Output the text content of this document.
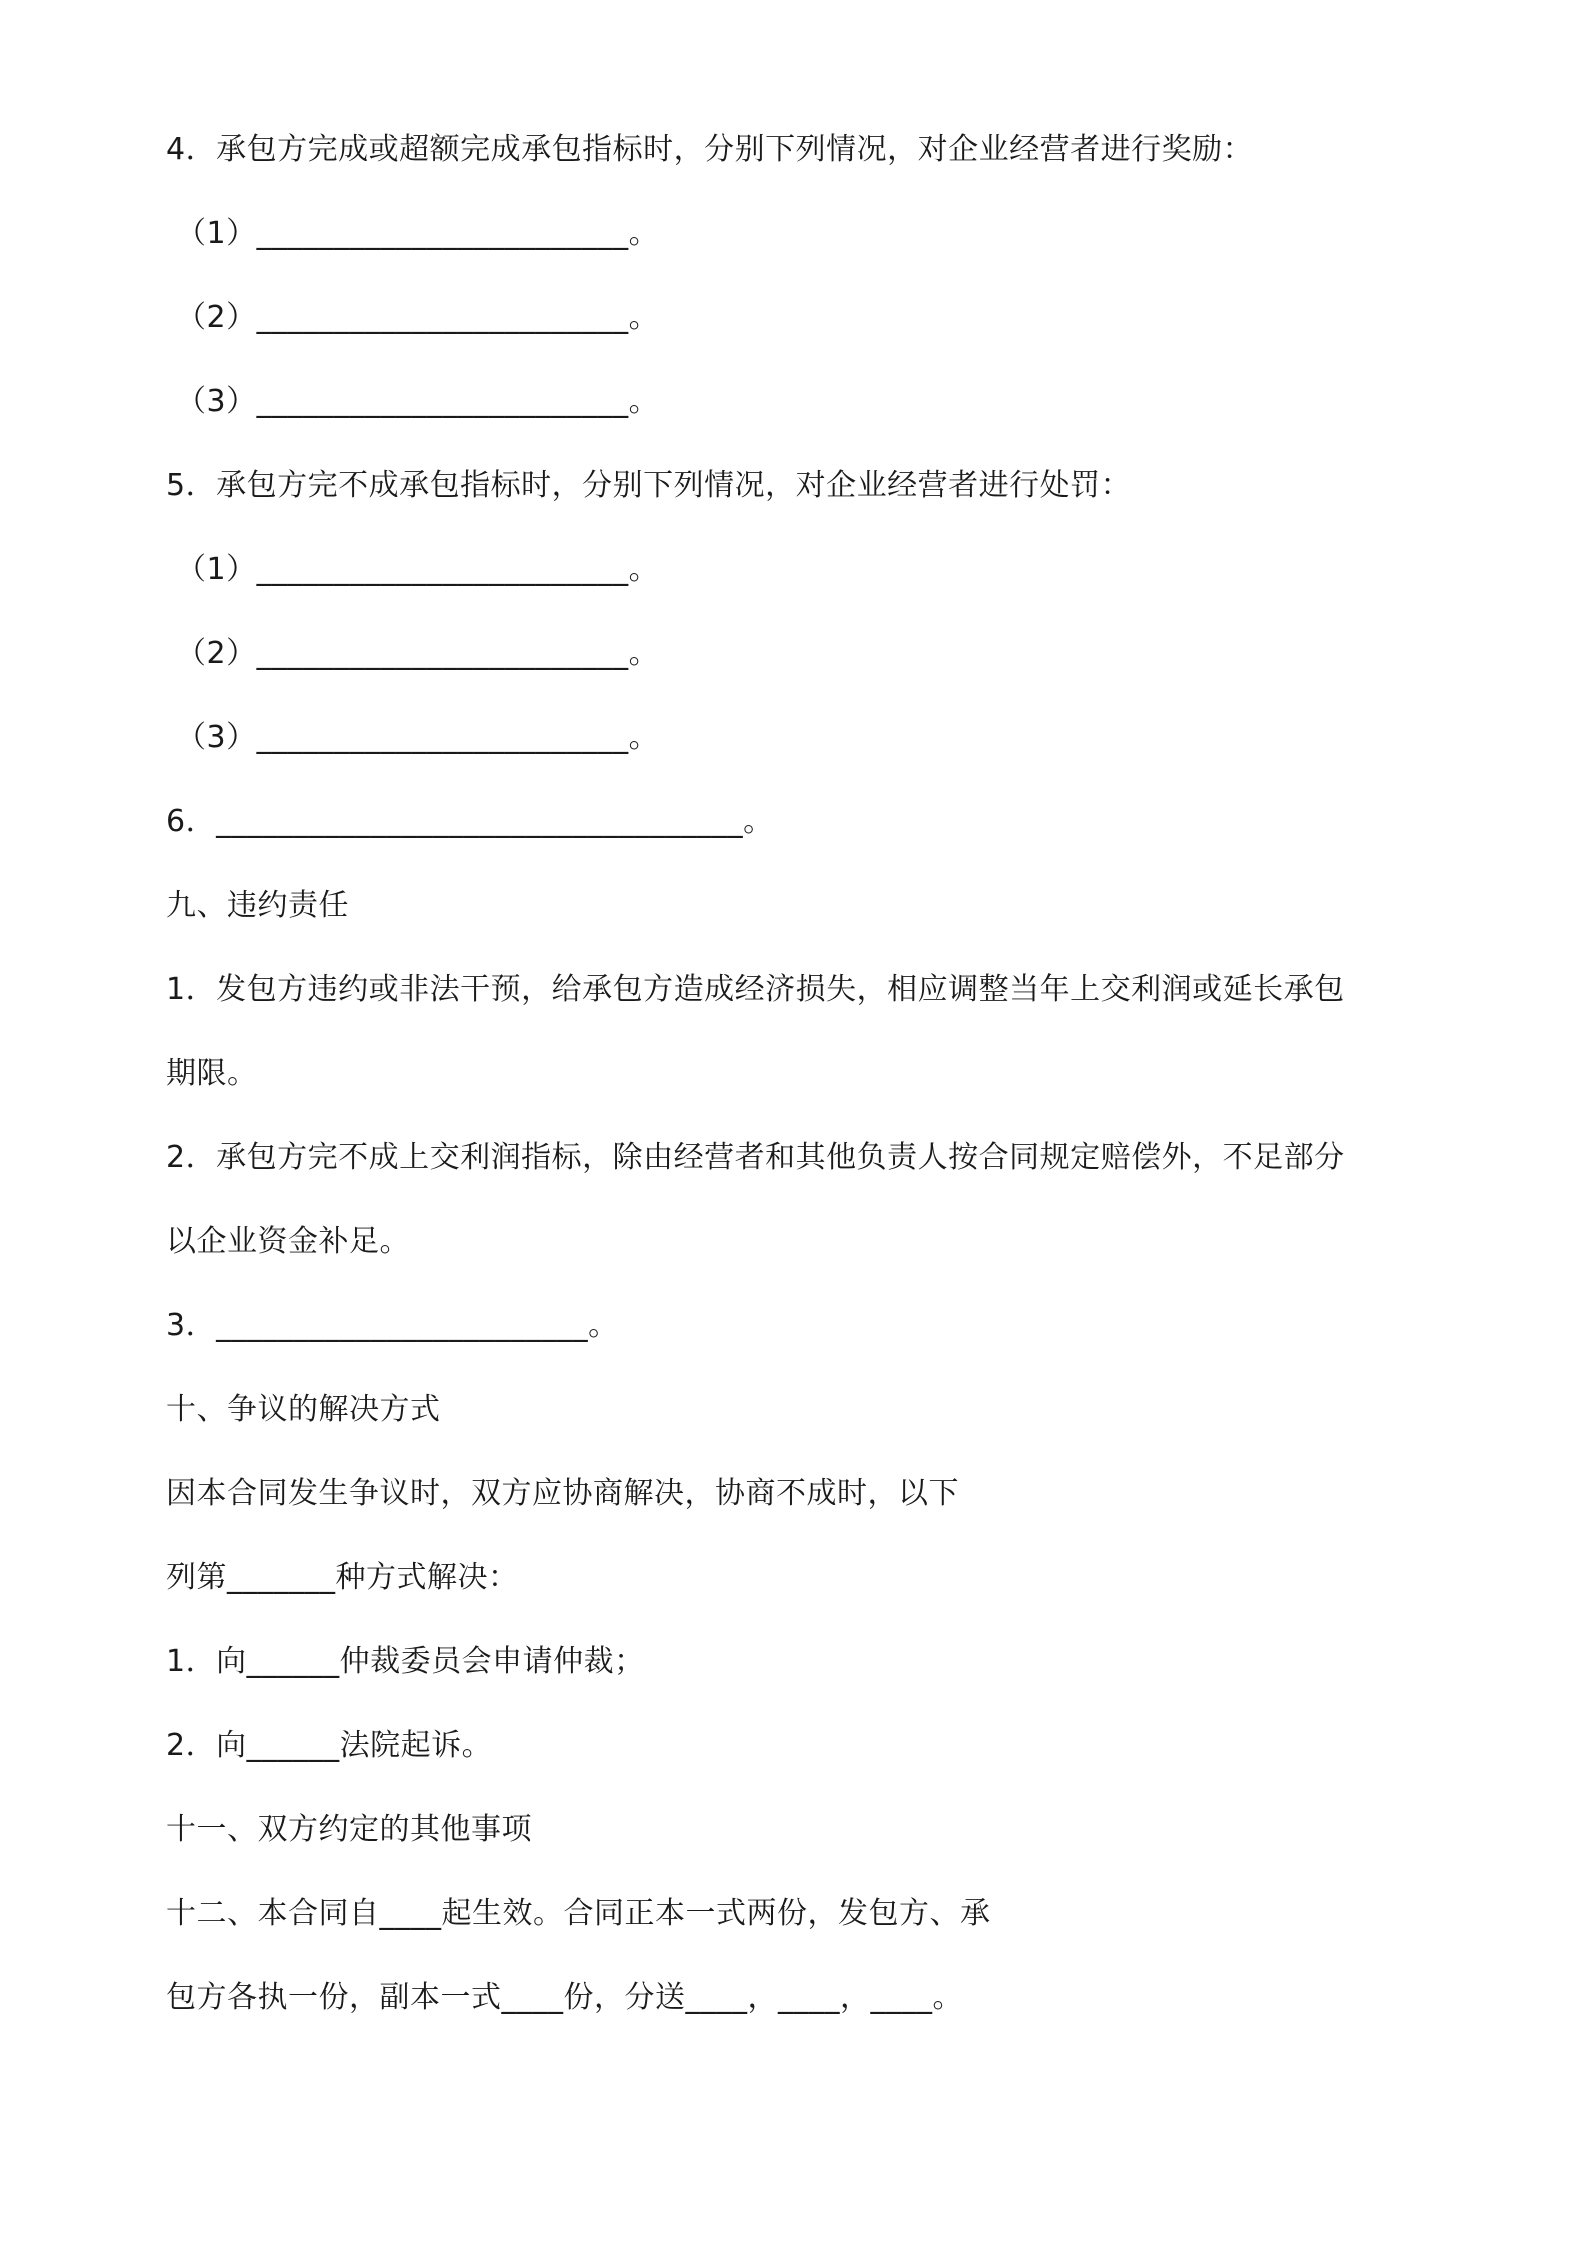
4．承包方完成或超额完成承包指标时，分别下列情况，对企业经营者进行奖励：

（1）________________________。

（2）________________________。

（3）________________________。

5．承包方完不成承包指标时，分别下列情况，对企业经营者进行处罚：

（1）________________________。

（2）________________________。

（3）________________________。

6．__________________________________。

九、违约责任

1．发包方违约或非法干预，给承包方造成经济损失，相应调整当年上交利润或延长承包

期限。

2．承包方完不成上交利润指标，除由经营者和其他负责人按合同规定赔偿外，不足部分

以企业资金补足。

3．________________________。

十、争议的解决方式

因本合同发生争议时，双方应协商解决，协商不成时，以下

列第_______种方式解决：

1．向______仲裁委员会申请仲裁；

2．向______法院起诉。

十一、双方约定的其他事项

十二、本合同自____起生效。合同正本一式两份，发包方、承

包方各执一份，副本一式____份，分送____，____，____。
